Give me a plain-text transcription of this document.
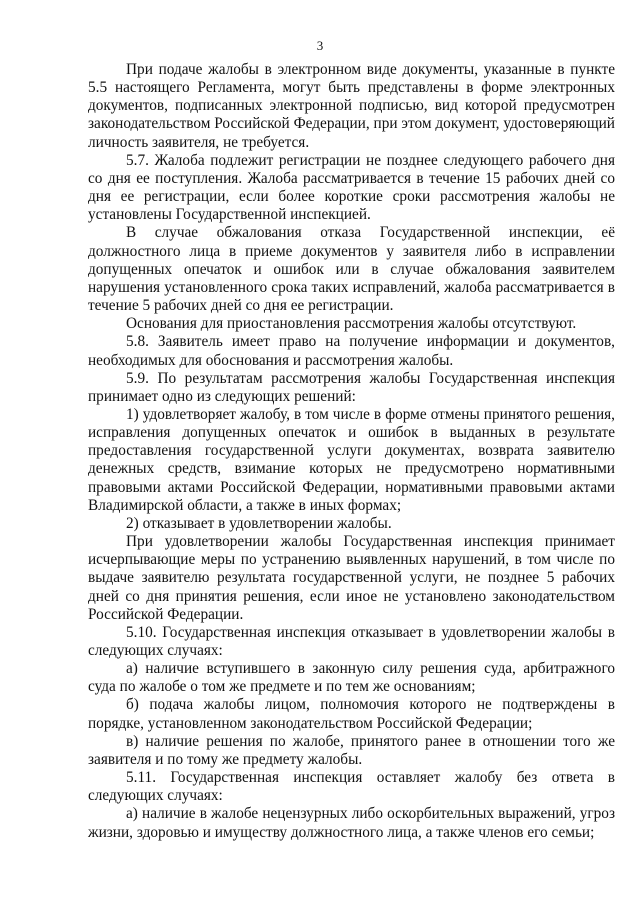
3

При подаче жалобы в электронном виде документы, указанные в пункте 5.5 настоящего Регламента, могут быть представлены в форме электронных документов, подписанных электронной подписью, вид которой предусмотрен законодательством Российской Федерации, при этом документ, удостоверяющий личность заявителя, не требуется.

5.7. Жалоба подлежит регистрации не позднее следующего рабочего дня со дня ее поступления. Жалоба рассматривается в течение 15 рабочих дней со дня ее регистрации, если более короткие сроки рассмотрения жалобы не установлены Государственной инспекцией.

В случае обжалования отказа Государственной инспекции, её должностного лица в приеме документов у заявителя либо в исправлении допущенных опечаток и ошибок или в случае обжалования заявителем нарушения установленного срока таких исправлений, жалоба рассматривается в течение 5 рабочих дней со дня ее регистрации.

Основания для приостановления рассмотрения жалобы отсутствуют.

5.8. Заявитель имеет право на получение информации и документов, необходимых для обоснования и рассмотрения жалобы.

5.9. По результатам рассмотрения жалобы Государственная инспекция принимает одно из следующих решений:

1) удовлетворяет жалобу, в том числе в форме отмены принятого решения, исправления допущенных опечаток и ошибок в выданных в результате предоставления государственной услуги документах, возврата заявителю денежных средств, взимание которых не предусмотрено нормативными правовыми актами Российской Федерации, нормативными правовыми актами Владимирской области, а также в иных формах;

2) отказывает в удовлетворении жалобы.

При удовлетворении жалобы Государственная инспекция принимает исчерпывающие меры по устранению выявленных нарушений, в том числе по выдаче заявителю результата государственной услуги, не позднее 5 рабочих дней со дня принятия решения, если иное не установлено законодательством Российской Федерации.

5.10. Государственная инспекция отказывает в удовлетворении жалобы в следующих случаях:

а) наличие вступившего в законную силу решения суда, арбитражного суда по жалобе о том же предмете и по тем же основаниям;

б) подача жалобы лицом, полномочия которого не подтверждены в порядке, установленном законодательством Российской Федерации;

в) наличие решения по жалобе, принятого ранее в отношении того же заявителя и по тому же предмету жалобы.

5.11. Государственная инспекция оставляет жалобу без ответа в следующих случаях:

а) наличие в жалобе нецензурных либо оскорбительных выражений, угроз жизни, здоровью и имуществу должностного лица, а также членов его семьи;
